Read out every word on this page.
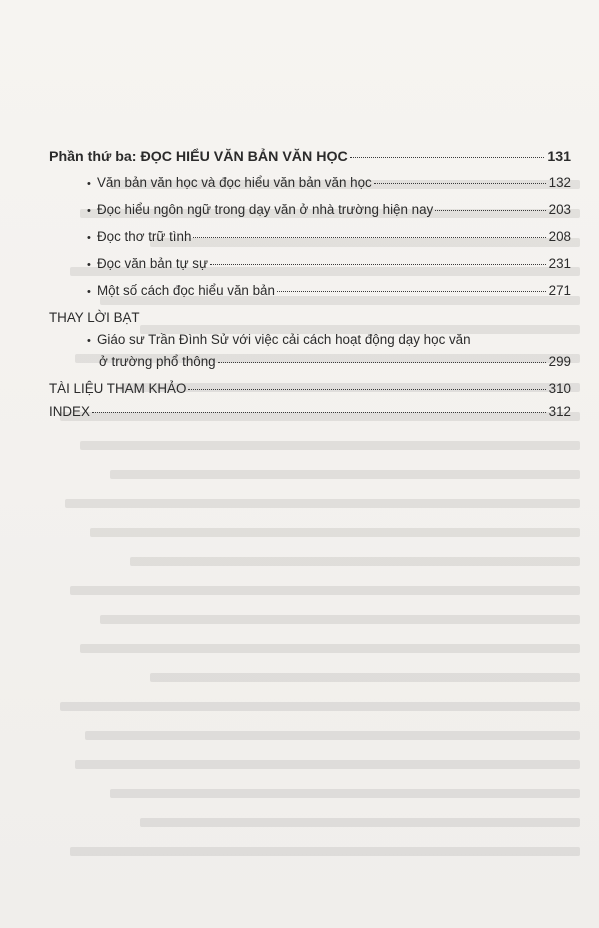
Phần thứ ba: ĐỌC HIỂU VĂN BẢN VĂN HỌC	131
• Văn bản văn học và đọc hiểu văn bản văn học	132
• Đọc hiểu ngôn ngữ trong dạy văn ở nhà trường hiện nay	203
• Đọc thơ trữ tình	208
• Đọc văn bản tự sự	231
• Một số cách đọc hiểu văn bản	271
THAY LỜI BẠT
• Giáo sư Trần Đình Sử với việc cải cách hoạt động dạy học văn
ở trường phổ thông	299
TÀI LIỆU THAM KHẢO	310
INDEX	312
